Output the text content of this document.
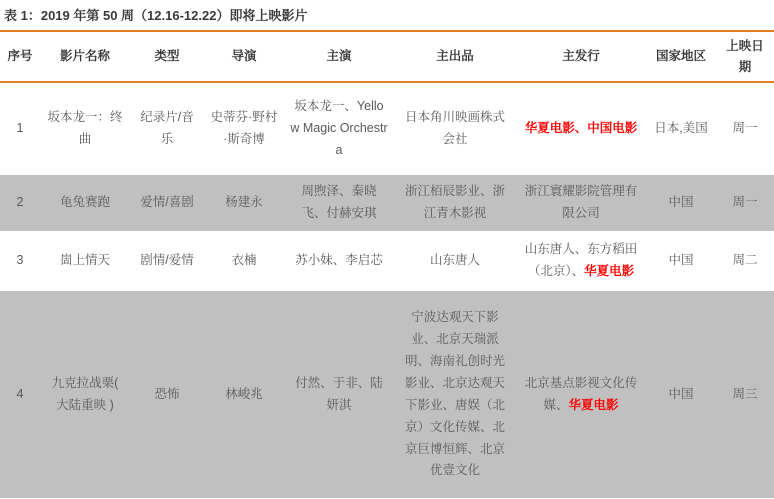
表 1：2019 年第 50 周（12.16-12.22）即将上映影片
序号	影片名称	类型	导演	主演	主出品	主发行	国家地区	上映日期
1	坂本龙一：终曲	纪录片/音乐	史蒂芬·野村·斯奇博	坂本龙一、Yellow Magic Orchestra	日本角川映画株式会社	华夏电影、中国电影	日本,美国	周一
2	龟兔赛跑	爱情/喜剧	杨建永	周煦泽、秦晓飞、付赫安琪	浙江栢辰影业、浙江青木影视	浙江寰耀影院管理有限公司	中国	周一
3	崮上情天	剧情/爱情	衣楠	苏小妹、李启芯	山东唐人	山东唐人、东方稻田（北京）、华夏电影	中国	周二
4	九克拉战栗( 大陆重映 )	恐怖	林峻兆	付然、于非、陆妍淇	宁波达观天下影业、北京天瑞派明、海南礼创时光影业、北京达观天下影业、唐娱（北京）文化传媒、北京巨博恒辉、北京优壹文化	北京基点影视文化传媒、华夏电影	中国	周三
